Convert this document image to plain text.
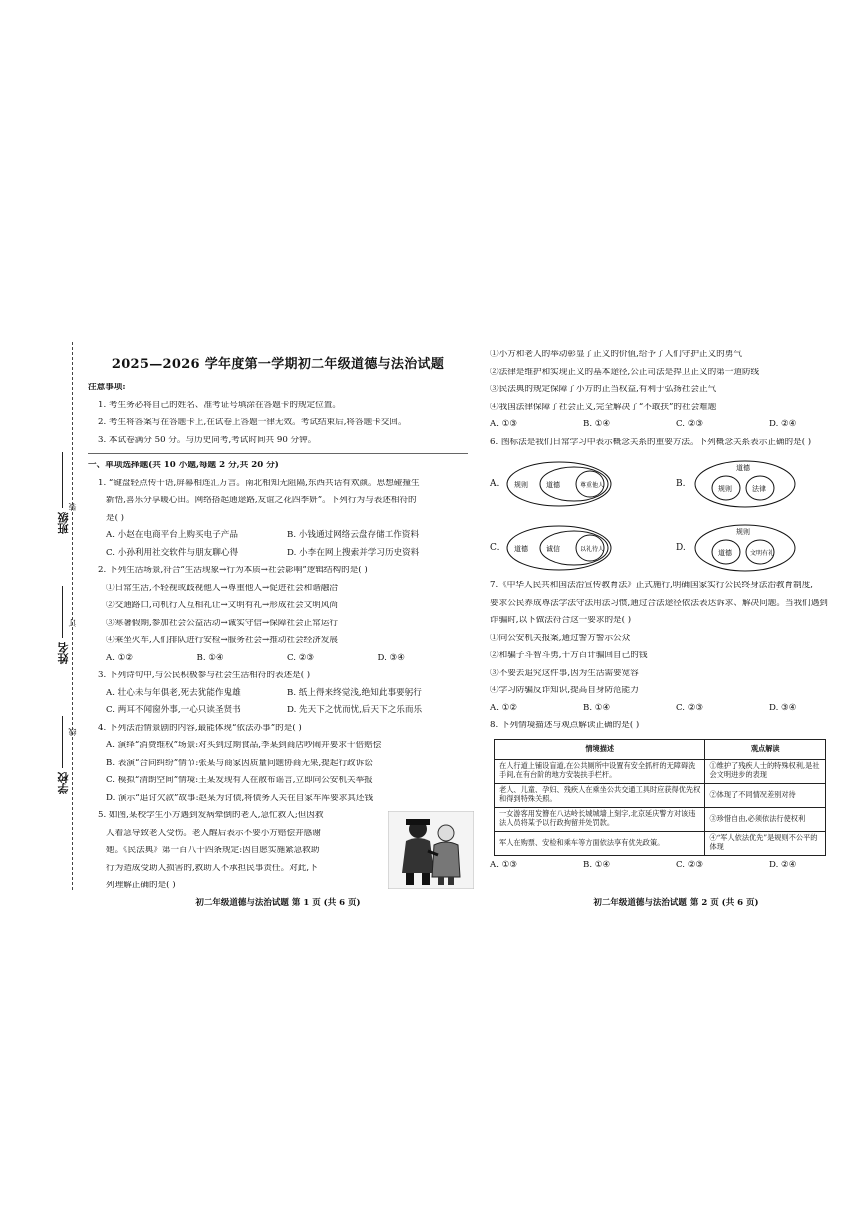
班级
装
姓名
订
学校
线
2025—2026 学年度第一学期初二年级道德与法治试题
注意事项:
1. 考生务必将自己的姓名、准考证号填涂在答题卡的规定位置。
2. 考生将答案写在答题卡上,在试卷上答题一律无效。考试结束后,将答题卡交回。
3. 本试卷满分 50 分。与历史同考,考试时间共 90 分钟。
一、单项选择题(共 10 小题,每题 2 分,共 20 分)
1. “键盘轻点传千语,屏幕相连汇万言。南北相知无阻隔,东西共话有欢颜。思想碰撞生
新悟,喜乐分享暖心田。网络搭起通途路,友谊之花四季妍”。下列行为与表述相符的
是( )
A. 小赵在电商平台上购买电子产品	B. 小钱通过网络云盘存储工作资料
C. 小孙利用社交软件与朋友聊心得	D. 小李在网上搜索并学习历史资料
2. 下列生活场景,符合“生活现象→行为本质→社会影响”逻辑结构的是( )
①日常生活,不轻视或歧视他人→尊重他人→促进社会和谐融洽
②交通路口,司机行人互相礼让→文明有礼→形成社会文明风尚
③寒暑假期,参加社会公益活动→诚实守信→保障社会正常运行
④乘坐火车,人们排队进行安检→服务社会→推动社会经济发展
A. ①②	B. ①④	C. ②③	D. ③④
3. 下列诗句中,与公民积极参与社会生活相符的表述是( )
A. 壮心未与年俱老,死去犹能作鬼雄	B. 纸上得来终觉浅,绝知此事要躬行
C. 两耳不闻窗外事,一心只读圣贤书	D. 先天下之忧而忧,后天下之乐而乐
4. 下列法治情景剧的内容,最能体现“依法办事”的是( )
A. 演绎“消费维权”场景:对买到过期食品,李某到商店吵闹并要求十倍赔偿
B. 表演“合同纠纷”情节:张某与商家因质量问题协商无果,提起行政诉讼
C. 模拟“清朗空间”情境:王某发现有人在散布谣言,立即向公安机关举报
D. 演示“追讨欠款”故事:赵某为讨债,将债务人关在自家车库要求其还钱
5. 如图,某校学生小方遇到发病晕倒的老人,急忙救人;但因救
人着急导致老人受伤。老人醒后表示不要小方赔偿并感谢
她。《民法典》第一百八十四条规定:因自愿实施紧急救助
行为造成受助人损害的,救助人不承担民事责任。对此,下
列理解正确的是( )
初二年级道德与法治试题 第 1 页 (共 6 页)
①小方和老人的举动彰显了正义的价值,给予了人们守护正义的勇气
②法律是维护和实现正义的基本途径,公正司法是捍卫正义的第一道防线
③民法典的规定保障了小方的正当权益,有利于弘扬社会正气
④我国法律保障了社会正义,完全解决了“不敢扶”的社会难题
A. ①③	B. ①④	C. ②③	D. ②④
6. 图标法是我们日常学习中表示概念关系的重要方法。下列概念关系表示正确的是( )
A.	规则	道德	尊重他人	B.
道德
规则	法律
C.	道德	诚信	以礼待人	D.
规则
道德	文明有礼
7.《中华人民共和国法治宣传教育法》正式施行,明确国家实行公民终身法治教育制度,
要求公民养成尊法学法守法用法习惯,通过合法途径依法表达诉求、解决问题。当我们遇到
诈骗时,以下做法符合这一要求的是( )
①向公安机关报案,通过警方警示公众
②和骗子斗智斗勇,千方百计骗回自己的钱
③不要去追究这件事,因为生活需要宽容
④学习防骗反诈知识,提高自身防范能力
A. ①②	B. ①④	C. ②③	D. ③④
8. 下列情境描述与观点解读正确的是( )
情境描述	观点解读
在人行道上铺设盲道,在公共厕所中设置有安全抓杆的无障碍洗手间,在有台阶的地方安装扶手栏杆。	①维护了残疾人士的特殊权利,是社会文明进步的表现
老人、儿童、孕妇、残疾人在乘坐公共交通工具时应获得优先权和得到特殊关照。	②体现了不同情况差别对待
一女游客用发簪在八达岭长城城墙上刻字,北京延庆警方对该违法人员将某予以行政拘留并处罚款。	③珍惜自由,必须依法行使权利
军人在购票、安检和乘车等方面依法享有优先政策。	④“军人依法优先”是规则不公平的体现
A. ①③	B. ①④	C. ②③	D. ②④
初二年级道德与法治试题 第 2 页 (共 6 页)
